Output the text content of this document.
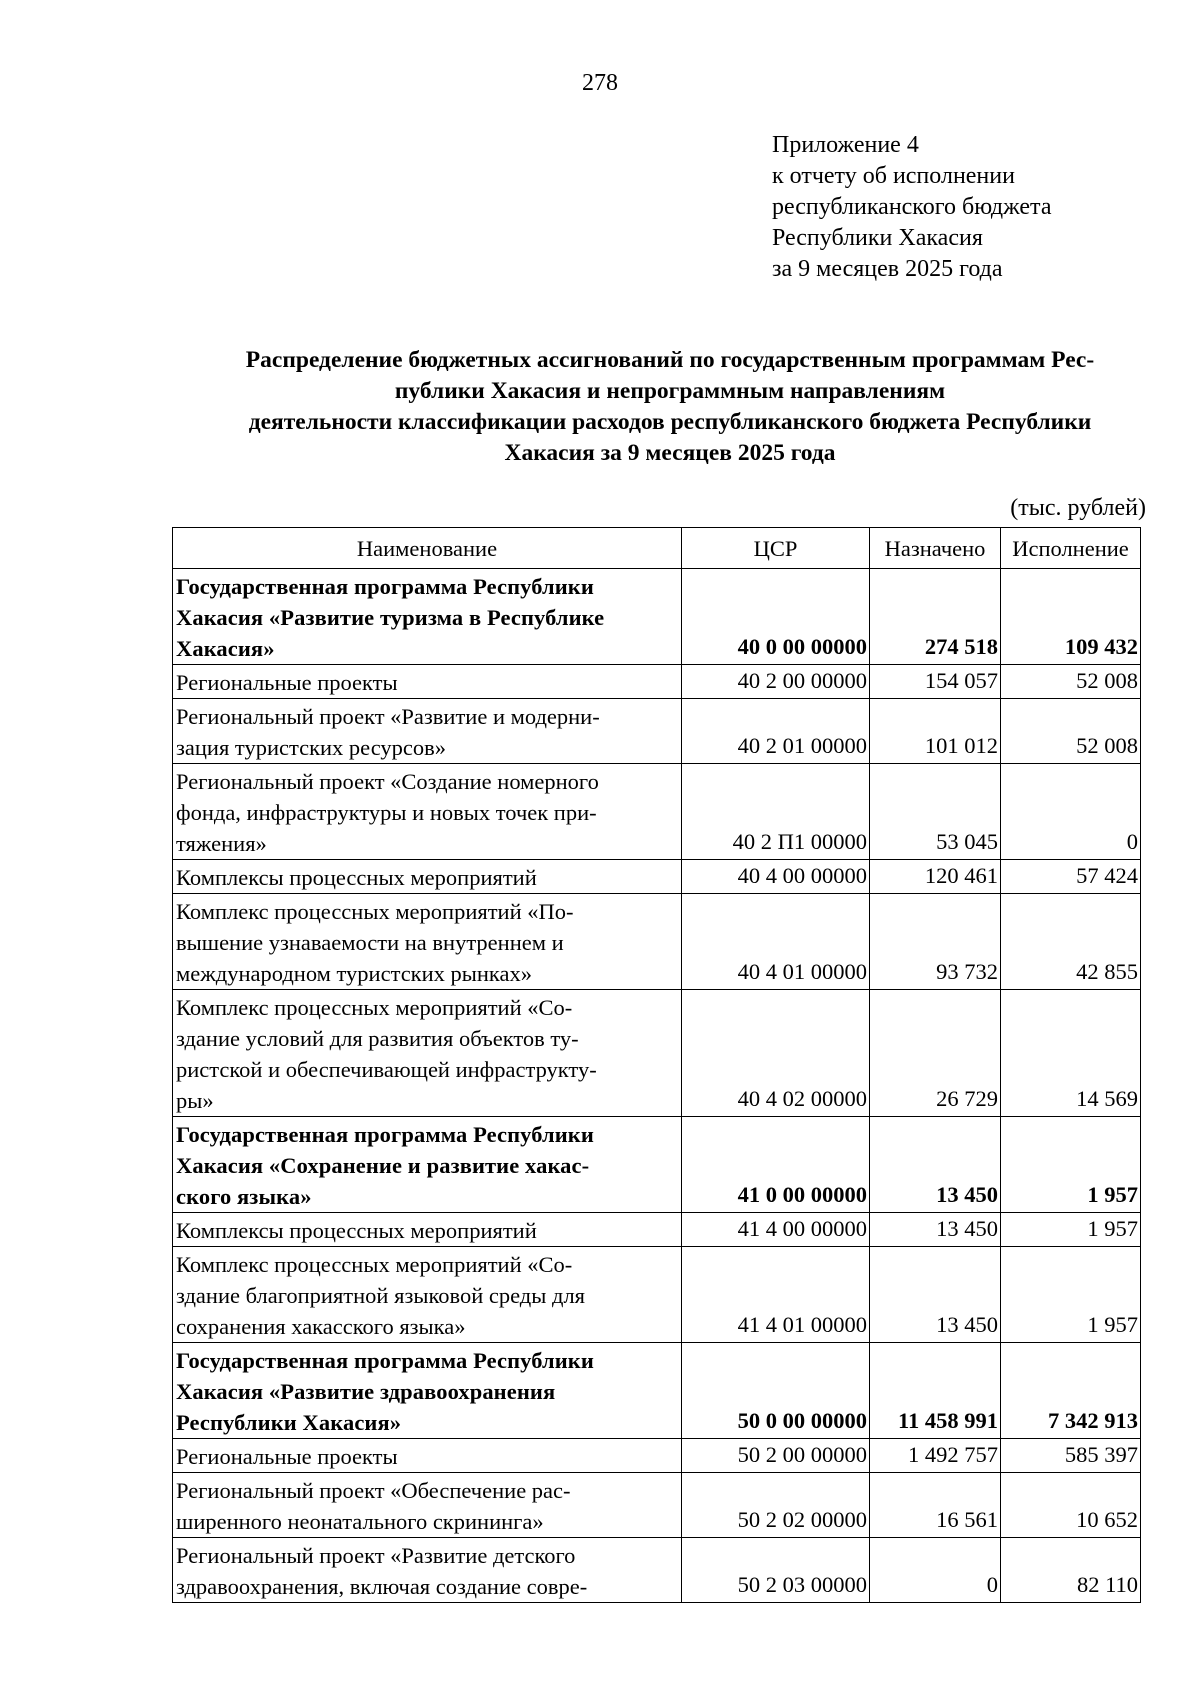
278
Приложение 4
к отчету об исполнении
республиканского бюджета
Республики Хакасия
за 9 месяцев 2025 года
Распределение бюджетных ассигнований по государственным программам Рес-
публики Хакасия и непрограммным направлениям
деятельности классификации расходов республиканского бюджета Республики
Хакасия за 9 месяцев 2025 года
(тыс. рублей)
Наименование	ЦСР	Назначено	Исполнение

Государственная программа Республики
Хакасия «Развитие туризма в Республике
Хакасия»	40 0 00 00000	274 518	109 432

Региональные проекты	40 2 00 00000	154 057	52 008

Региональный проект «Развитие и модерни-
зация туристских ресурсов»	40 2 01 00000	101 012	52 008

Региональный проект «Создание номерного
фонда, инфраструктуры и новых точек при-
тяжения»	40 2 П1 00000	53 045	0

Комплексы процессных мероприятий	40 4 00 00000	120 461	57 424

Комплекс процессных мероприятий «По-
вышение узнаваемости на внутреннем и
международном туристских рынках»	40 4 01 00000	93 732	42 855

Комплекс процессных мероприятий «Со-
здание условий для развития объектов ту-
ристской и обеспечивающей инфраструкту-
ры»	40 4 02 00000	26 729	14 569

Государственная программа Республики
Хакасия «Сохранение и развитие хакас-
ского языка»	41 0 00 00000	13 450	1 957

Комплексы процессных мероприятий	41 4 00 00000	13 450	1 957

Комплекс процессных мероприятий «Со-
здание благоприятной языковой среды для
сохранения хакасского языка»	41 4 01 00000	13 450	1 957

Государственная программа Республики
Хакасия «Развитие здравоохранения
Республики Хакасия»	50 0 00 00000	11 458 991	7 342 913

Региональные проекты	50 2 00 00000	1 492 757	585 397

Региональный проект «Обеспечение рас-
ширенного неонатального скрининга»	50 2 02 00000	16 561	10 652

Региональный проект «Развитие детского
здравоохранения, включая создание совре-	50 2 03 00000	0	82 110
